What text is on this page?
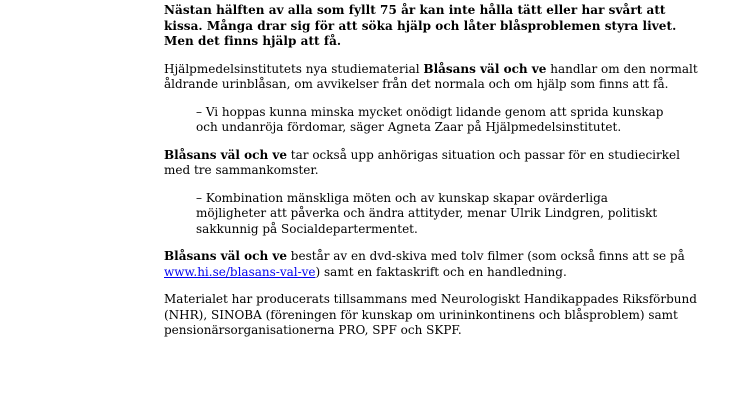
Nästan hälften av alla som fyllt 75 år kan inte hålla tätt eller har svårt att kissa. Många drar sig för att söka hjälp och låter blåsproblemen styra livet. Men det finns hjälp att få.

Hjälpmedelsinstitutets nya studiematerial Blåsans väl och ve handlar om den normalt åldrande urinblåsan, om avvikelser från det normala och om hjälp som finns att få.

– Vi hoppas kunna minska mycket onödigt lidande genom att sprida kunskap och undanröja fördomar, säger Agneta Zaar på Hjälpmedelsinstitutet.

Blåsans väl och ve tar också upp anhörigas situation och passar för en studiecirkel med tre sammankomster.

– Kombination mänskliga möten och av kunskap skapar ovärderliga möjligheter att påverka och ändra attityder, menar Ulrik Lindgren, politiskt sakkunnig på Socialdepartermentet.

Blåsans väl och ve består av en dvd-skiva med tolv filmer (som också finns att se på www.hi.se/blasans-val-ve) samt en faktaskrift och en handledning.

Materialet har producerats tillsammans med Neurologiskt Handikappades Riksförbund (NHR), SINOBA (föreningen för kunskap om urininkontinens och blåsproblem) samt pensionärsorganisationerna PRO, SPF och SKPF.
